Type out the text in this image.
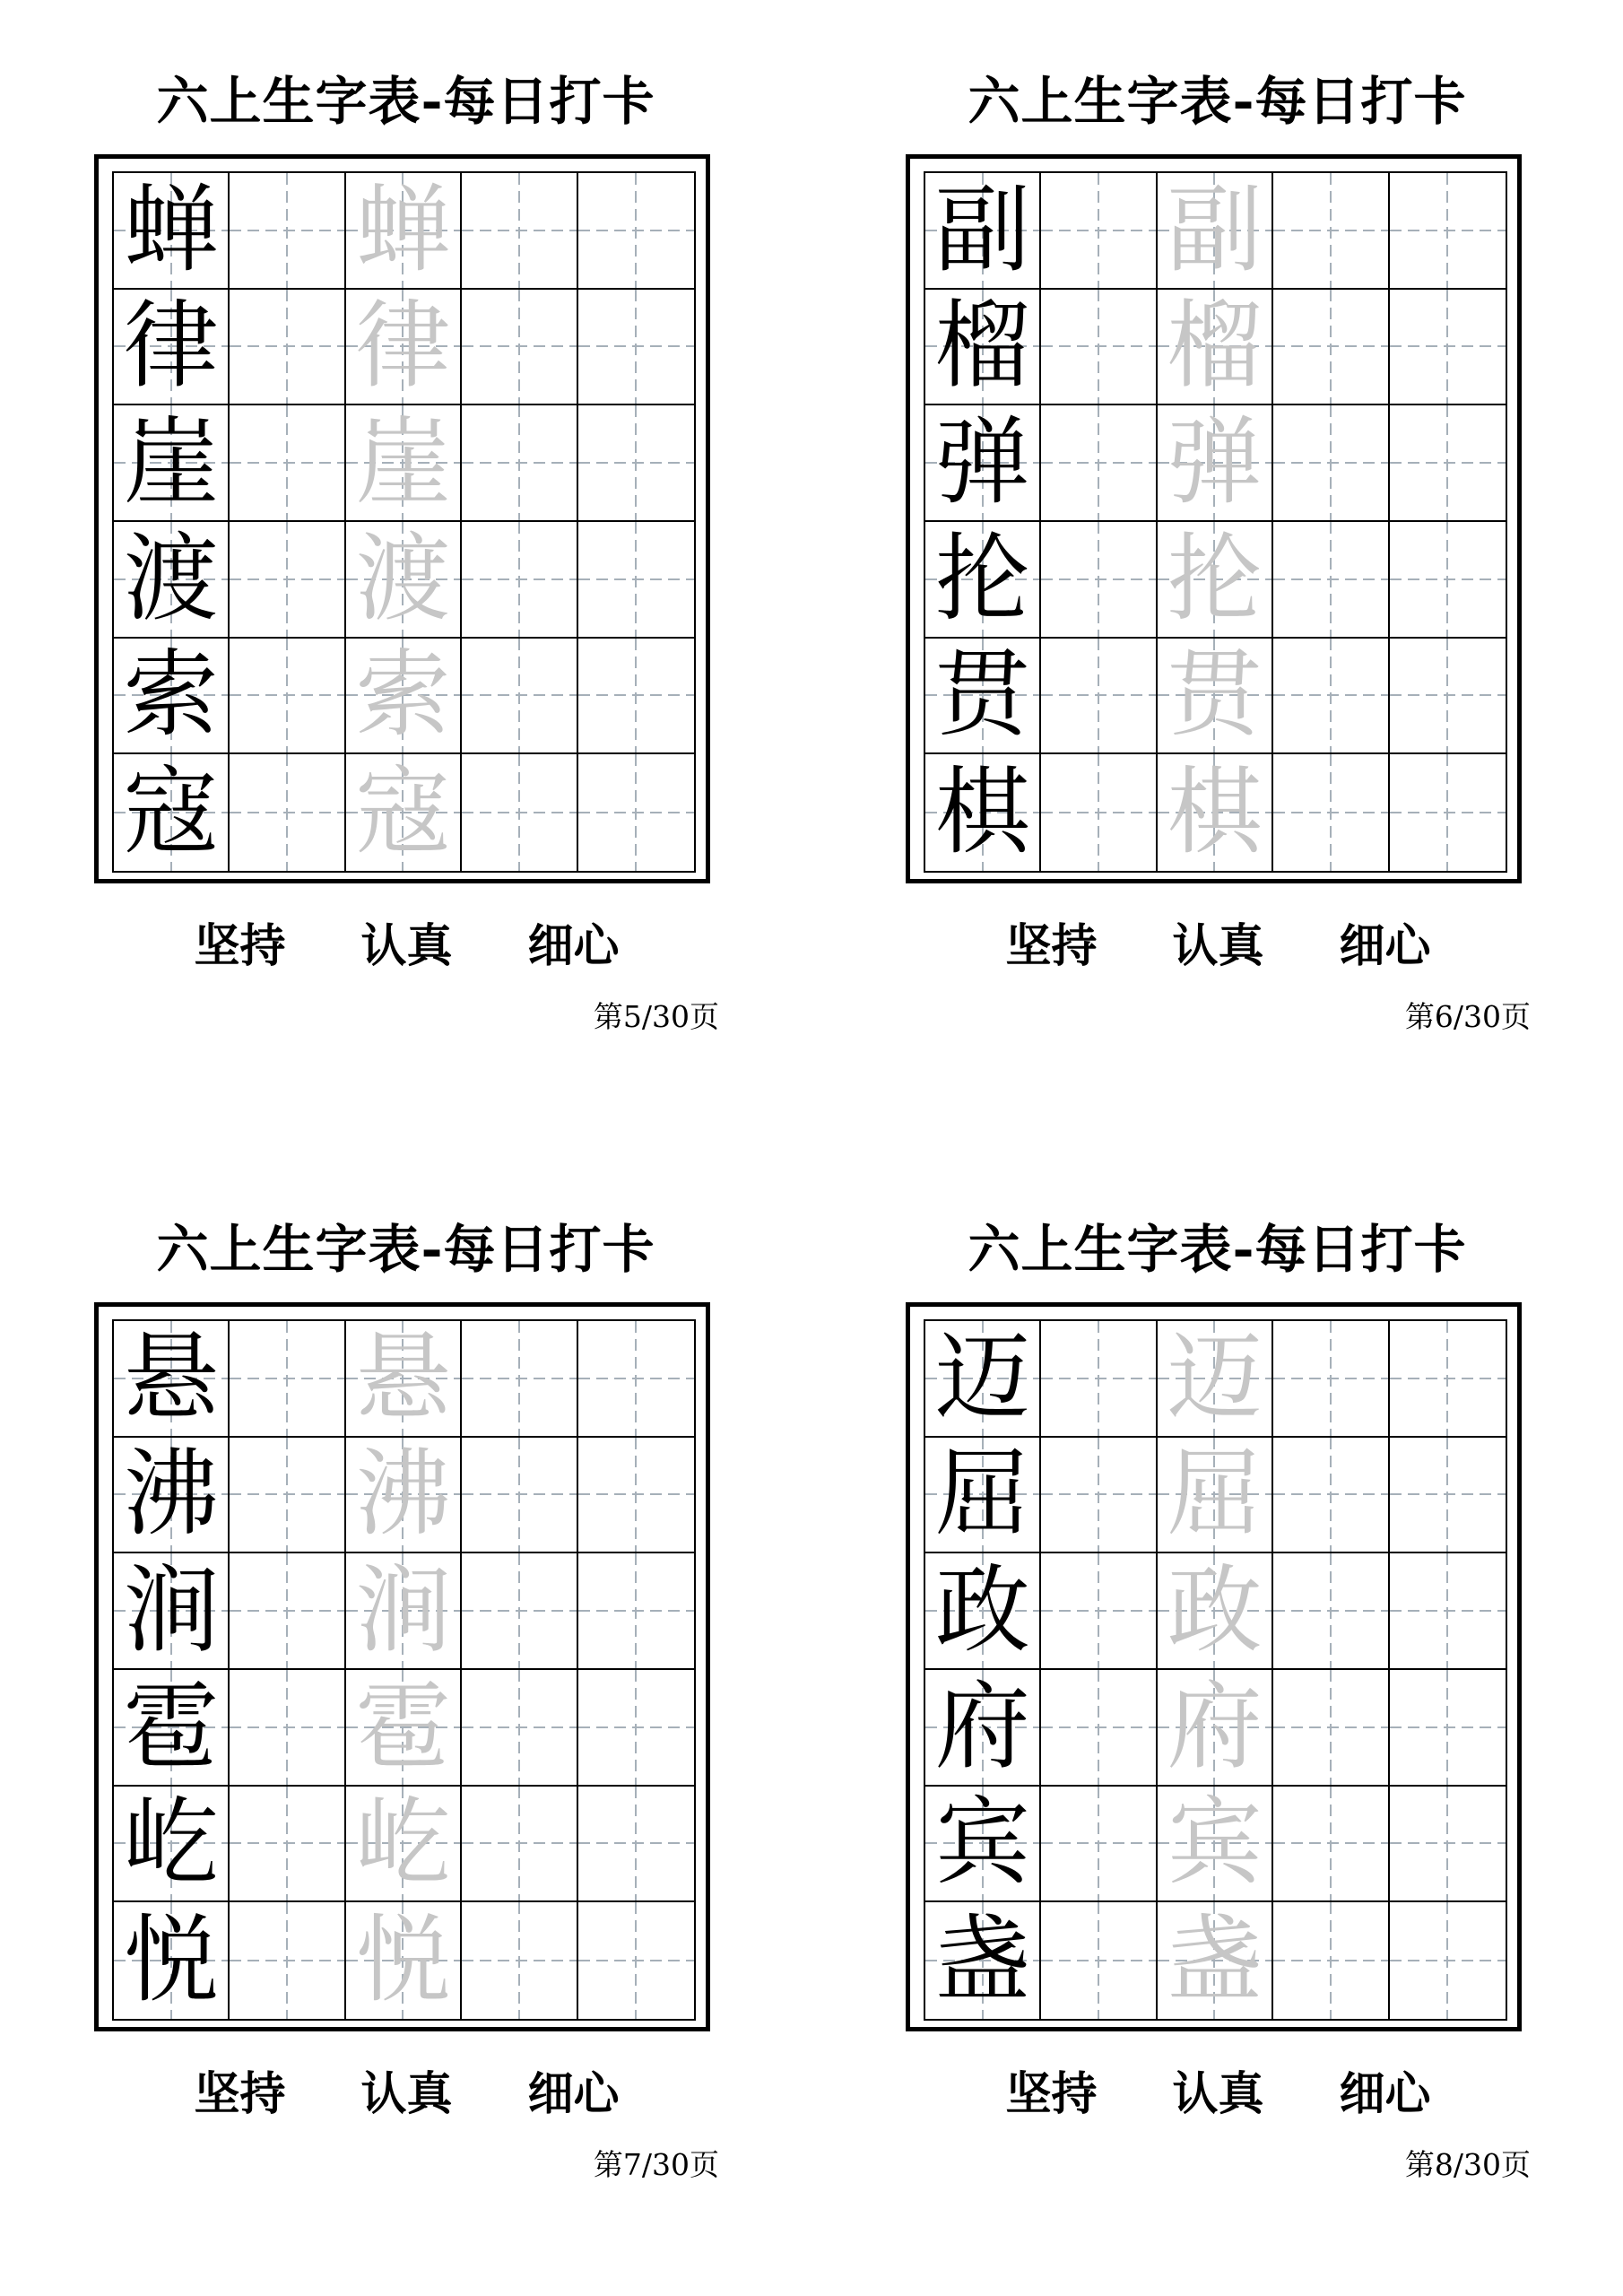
六上生字表-每日打卡
蝉 蝉
律 律
崖 崖
渡 渡
索 索
寇 寇
坚持 认真 细心
第5/30页
六上生字表-每日打卡
副 副
榴 榴
弹 弹
抡 抡
贯 贯
棋 棋
坚持 认真 细心
第6/30页
六上生字表-每日打卡
悬 悬
沸 沸
涧 涧
雹 雹
屹 屹
悦 悦
坚持 认真 细心
第7/30页
六上生字表-每日打卡
迈 迈
屈 屈
政 政
府 府
宾 宾
盏 盏
坚持 认真 细心
第8/30页
